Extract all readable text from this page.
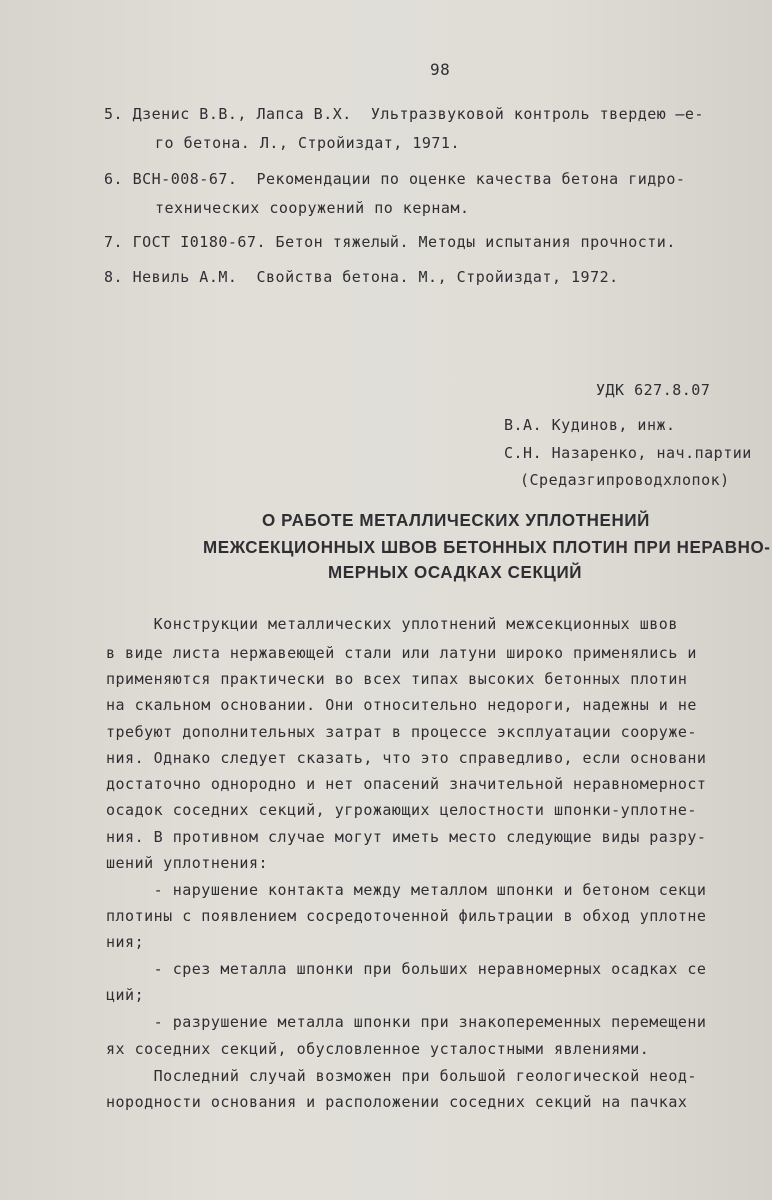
98
5. Дзенис В.В., Лапса В.Х.  Ультразвуковой контроль твердею ̶е-
го бетона. Л., Стройиздат, 1971.
6. ВСН-008-67.  Рекомендации по оценке качества бетона гидро-
технических сооружений по кернам.
7. ГОСТ I0180-67. Бетон тяжелый. Методы испытания прочности.
8. Невиль А.М.  Свойства бетона. М., Стройиздат, 1972.
УДК 627.8.07
В.А. Кудинов, инж.
С.Н. Назаренко, нач.партии
(Средазгипроводхлопок)
О РАБОТЕ МЕТАЛЛИЧЕСКИХ УПЛОТНЕНИЙ
МЕЖСЕКЦИОННЫХ ШВОВ БЕТОННЫХ ПЛОТИН ПРИ НЕРАВНО-
МЕРНЫХ ОСАДКАХ СЕКЦИЙ
Конструкции металлических уплотнений межсекционных швов
в виде листа нержавеющей стали или латуни широко применялись и
применяются практически во всех типах высоких бетонных плотин
на скальном основании. Они относительно недороги, надежны и не
требуют дополнительных затрат в процессе эксплуатации сооруже-
ния. Однако следует сказать, что это справедливо, если основани
достаточно однородно и нет опасений значительной неравномерност
осадок соседних секций, угрожающих целостности шпонки-уплотне-
ния. В противном случае могут иметь место следующие виды разру-
шений уплотнения:
- нарушение контакта между металлом шпонки и бетоном секци
плотины с появлением сосредоточенной фильтрации в обход уплотне
ния;
- срез металла шпонки при больших неравномерных осадках се
ций;
- разрушение металла шпонки при знакопеременных перемещени
ях соседних секций, обусловленное усталостными явлениями.
Последний случай возможен при большой геологической неод-
нородности основания и расположении соседних секций на пачках
